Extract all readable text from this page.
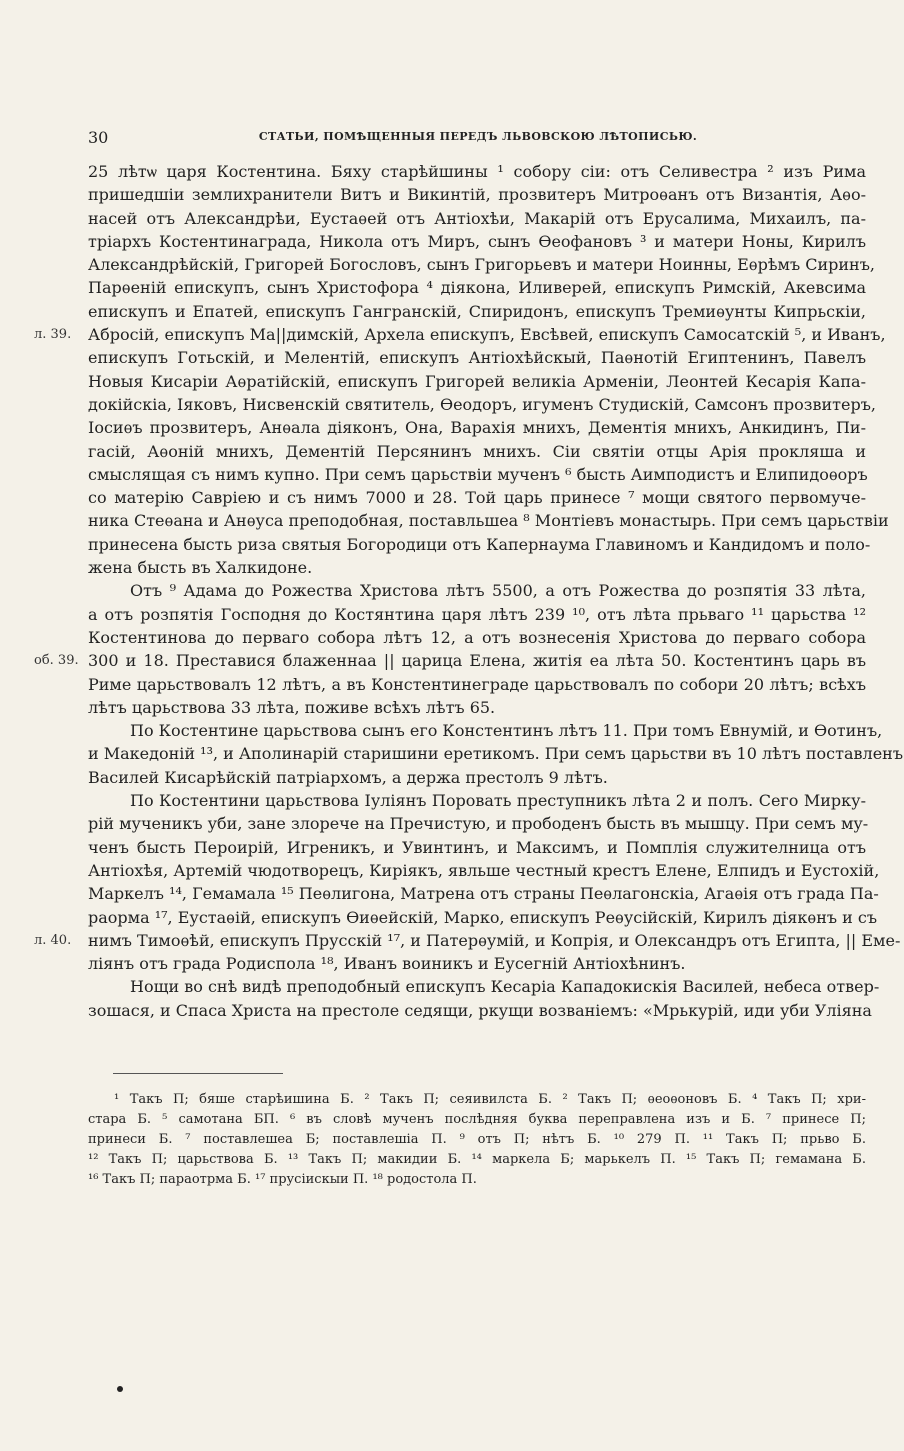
30	СТАТЬИ, ПОМѢЩЕННЫЯ ПЕРЕДЪ ЛЬВОВСКОЮ ЛѢТОПИСЬЮ.
25 лѣтѡ царя Костентина. Бяху старѣйшины ¹ собору сіи: отъ Селивестра ² изъ Рима
пришедшіи землихранители Витъ и Викинтій, прозвитеръ Митроѳанъ отъ Византія, Аѳо-
насей отъ Александрѣи, Еустаѳей отъ Антіохѣи, Макарій отъ Ерусалима, Михаилъ, па-
тріархъ Костентинаграда, Никола отъ Миръ, сынъ Ѳеофановъ ³ и матери Ноны, Кирилъ
Александрѣйскій, Григорей Богословъ, сынъ Григорьевъ и матери Ноинны, Еѳрѣмъ Сиринъ,
Парѳеній епискупъ, сынъ Христофора ⁴ діякона, Иливерей, епискупъ Римскій, Акевсима
епискупъ и Епатей, епискупъ Гангранскій, Спиридонъ, епискупъ Тремиѳунты Кипрьскіи,
л. 39. Абросій, епискупъ Ма||димскій, Архела епискупъ, Евсѣвей, епискупъ Самосатскій ⁵, и Иванъ,
епискупъ Готьскій, и Мелентій, епискупъ Антіохѣйскый, Паѳнотій Египтенинъ, Павелъ
Новыя Кисаріи Аѳратійскій, епискупъ Григорей великіа Арменіи, Леонтей Кесарія Капа-
докійскіа, Іяковъ, Нисвенскій святитель, Ѳеодоръ, игуменъ Студискій, Самсонъ прозвитеръ,
Іосиѳъ прозвитеръ, Анѳала діяконъ, Она, Варахія мнихъ, Дементія мнихъ, Анкидинъ, Пи-
гасій, Аѳоній мнихъ, Дементій Персянинъ мнихъ. Сіи святіи отцы Арія прокляша и
смыслящая съ нимъ купно. При семъ царьствіи мученъ ⁶ бысть Аимподистъ и Елипидоѳоръ
со матерію Савріею и съ нимъ 7000 и 28. Той царь принесе ⁷ мощи святого первомуче-
ника Стеѳана и Анѳуса преподобная, поставльшеа ⁸ Монтіевъ монастырь. При семъ царьствіи
принесена бысть риза святыя Богородици отъ Капернаума Главиномъ и Кандидомъ и поло-
жена бысть въ Халкидоне.
Отъ ⁹ Адама до Рожества Христова лѣтъ 5500, а отъ Рожества до розпятія 33 лѣта,
а отъ розпятія Господня до Костянтина царя лѣтъ 239 ¹⁰, отъ лѣта прьваго ¹¹ царьства ¹²
Костентинова до перваго собора лѣтъ 12, а отъ вознесенія Христова до перваго собора
об. 39. 300 и 18. Преставися блаженнаа || царица Елена, житія еа лѣта 50. Костентинъ царь въ
Риме царьствовалъ 12 лѣтъ, а въ Констентинеграде царьствовалъ по собори 20 лѣтъ; всѣхъ
лѣтъ царьствова 33 лѣта, поживе всѣхъ лѣтъ 65.
По Костентине царьствова сынъ его Констентинъ лѣтъ 11. При томъ Евнумій, и Ѳотинъ,
и Македоній ¹³, и Аполинарій старишини еретикомъ. При семъ царьстви въ 10 лѣтъ поставленъ
Василей Кисарѣйскій патріархомъ, а держа престолъ 9 лѣтъ.
По Костентини царьствова Іуліянъ Поровать преступникъ лѣта 2 и полъ. Сего Мирку-
рій мученикъ уби, зане злорече на Пречистую, и прободенъ бысть въ мышцу. При семъ му-
ченъ бысть Пероирій, Игреникъ, и Увинтинъ, и Максимъ, и Помплія служителница отъ
Антіохѣя, Артемій чюдотворецъ, Киріякъ, явльше честный крестъ Елене, Елпидъ и Еустохій,
Маркелъ ¹⁴, Гемамала ¹⁵ Пеѳлигона, Матрена отъ страны Пеѳлагонскіа, Агаѳія отъ града Па-
раорма ¹⁷, Еустаѳій, епискупъ Ѳиѳейскій, Марко, епискупъ Реѳусійскій, Кирилъ діякѳнъ и съ
л. 40. нимъ Тимоѳѣй, епискупъ Прусскій ¹⁷, и Патерѳумій, и Копрія, и Олександръ отъ Египта, || Еме-
ліянъ отъ града Родиспола ¹⁸, Иванъ воиникъ и Еусегній Антіохѣнинъ.
Нощи во снѣ видѣ преподобный епискупъ Кесаріа Кападокискія Василей, небеса отвер-
зошася, и Спаса Христа на престоле седящи, ркущи возваніемъ: «Мрькурій, иди уби Уліяна
¹ Такъ П; бяше старѣишина Б. ² Такъ П; сеяивилста Б. ² Такъ П; ѳеоѳоновъ Б. ⁴ Такъ П; хри-
стара Б. ⁵ самотана БП. ⁶ въ словѣ мученъ послѣдняя буква переправлена изъ и Б. ⁷ принесе П;
принеси Б. ⁷ поставлешеа Б; поставлешіа П. ⁹ отъ П; нѣтъ Б. ¹⁰ 279 П. ¹¹ Такъ П; прьво Б.
¹² Такъ П; царьствова Б. ¹³ Такъ П; макидии Б. ¹⁴ маркела Б; марькелъ П. ¹⁵ Такъ П; гемамана Б.
¹⁶ Такъ П; параотрма Б. ¹⁷ прусіискыи П. ¹⁸ родостола П.
